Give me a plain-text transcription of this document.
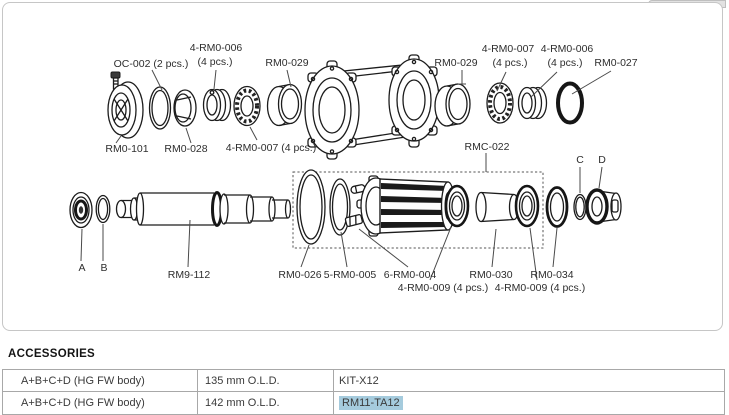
4-RM0-006
(4 pcs.)
OC-002 (2 pcs.)	RM0-029
RM0-101 RM0-028 4-RM0-007 (4 pcs.)
RM0-029
4-RM0-007
(4 pcs.)
4-RM0-006
(4 pcs.) RM0-027
RMC-022
A B
RM9-112	RM0-026 5-RM0-005 6-RM0-004
4-RM0-009 (4 pcs.)
RM0-030
4-RM0-009 (4 pcs.)
RM0-034
C D
ACCESSORIES
A+B+C+D (HG FW body)	135 mm O.L.D.	KIT-X12
A+B+C+D (HG FW body)	142 mm O.L.D.	RM11-TA12
